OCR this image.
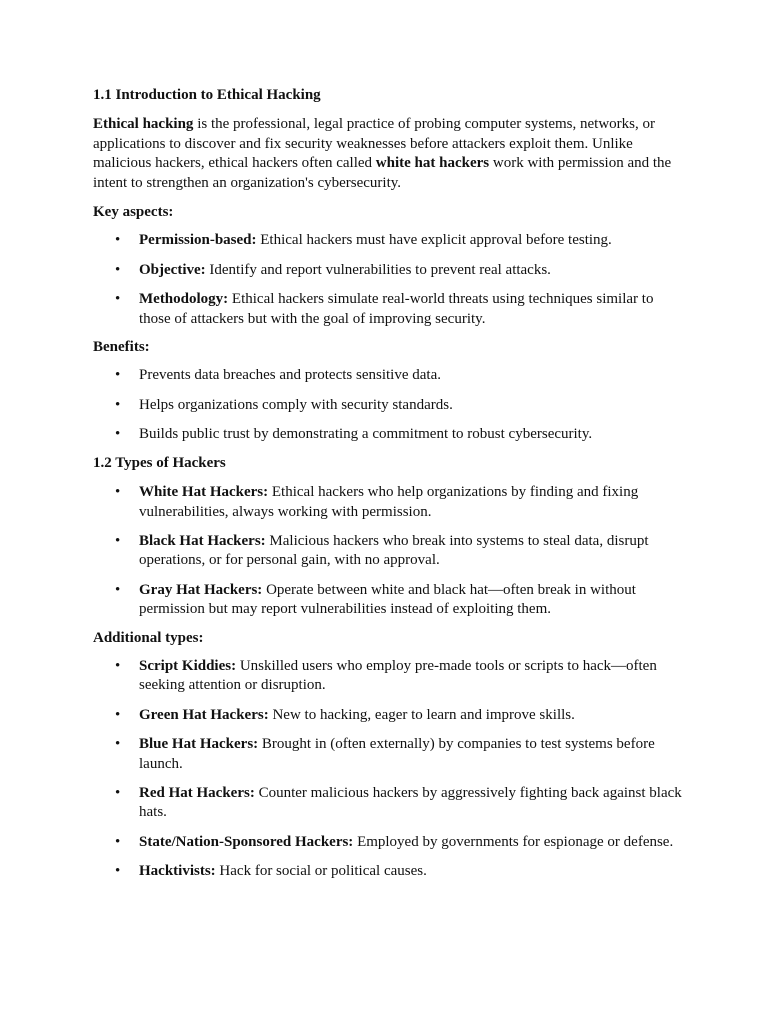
1.1 Introduction to Ethical Hacking

Ethical hacking is the professional, legal practice of probing computer systems, networks, or applications to discover and fix security weaknesses before attackers exploit them. Unlike malicious hackers, ethical hackers often called white hat hackers work with permission and the intent to strengthen an organization's cybersecurity.

Key aspects:

• Permission-based: Ethical hackers must have explicit approval before testing.
• Objective: Identify and report vulnerabilities to prevent real attacks.
• Methodology: Ethical hackers simulate real-world threats using techniques similar to those of attackers but with the goal of improving security.

Benefits:

• Prevents data breaches and protects sensitive data.
• Helps organizations comply with security standards.
• Builds public trust by demonstrating a commitment to robust cybersecurity.
1.2 Types of Hackers
• White Hat Hackers: Ethical hackers who help organizations by finding and fixing vulnerabilities, always working with permission.
• Black Hat Hackers: Malicious hackers who break into systems to steal data, disrupt operations, or for personal gain, with no approval.
• Gray Hat Hackers: Operate between white and black hat—often break in without permission but may report vulnerabilities instead of exploiting them.

Additional types:

• Script Kiddies: Unskilled users who employ pre-made tools or scripts to hack—often seeking attention or disruption.
• Green Hat Hackers: New to hacking, eager to learn and improve skills.
• Blue Hat Hackers: Brought in (often externally) by companies to test systems before launch.
• Red Hat Hackers: Counter malicious hackers by aggressively fighting back against black hats.
• State/Nation-Sponsored Hackers: Employed by governments for espionage or defense.
• Hacktivists: Hack for social or political causes.
